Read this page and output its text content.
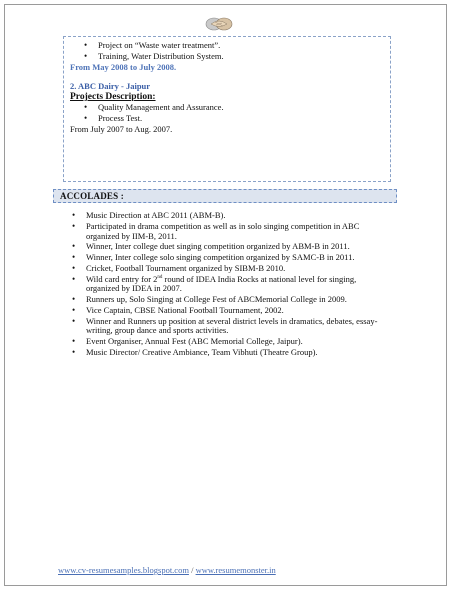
• Project on “Waste water treatment”.
• Training, Water Distribution System.
From May 2008 to July 2008.
2. ABC Dairy - Jaipur
Projects Description:
• Quality Management and Assurance.
• Process Test.
From July 2007 to Aug. 2007.
ACCOLADES :
• Music Direction at ABC 2011 (ABM-B).
• Participated in drama competition as well as in solo singing competition in ABC organized by IIM-B, 2011.
• Winner, Inter college duet singing competition organized by ABM-B in 2011.
• Winner, Inter college solo singing competition organized by SAMC-B in 2011.
• Cricket, Football Tournament organized by SIBM-B 2010.
• Wild card entry for 2nd round of IDEA India Rocks at national level for singing, organized by IDEA in 2007.
• Runners up, Solo Singing at College Fest of ABCMemorial College in 2009.
• Vice Captain, CBSE National Football Tournament, 2002.
• Winner and Runners up position at several district levels in dramatics, debates, essay-writing, group dance and sports activities.
• Event Organiser, Annual Fest (ABC Memorial College, Jaipur).
• Music Director/ Creative Ambiance, Team Vibhuti (Theatre Group).
www.cv-resumesamples.blogspot.com / www.resumemonster.in
